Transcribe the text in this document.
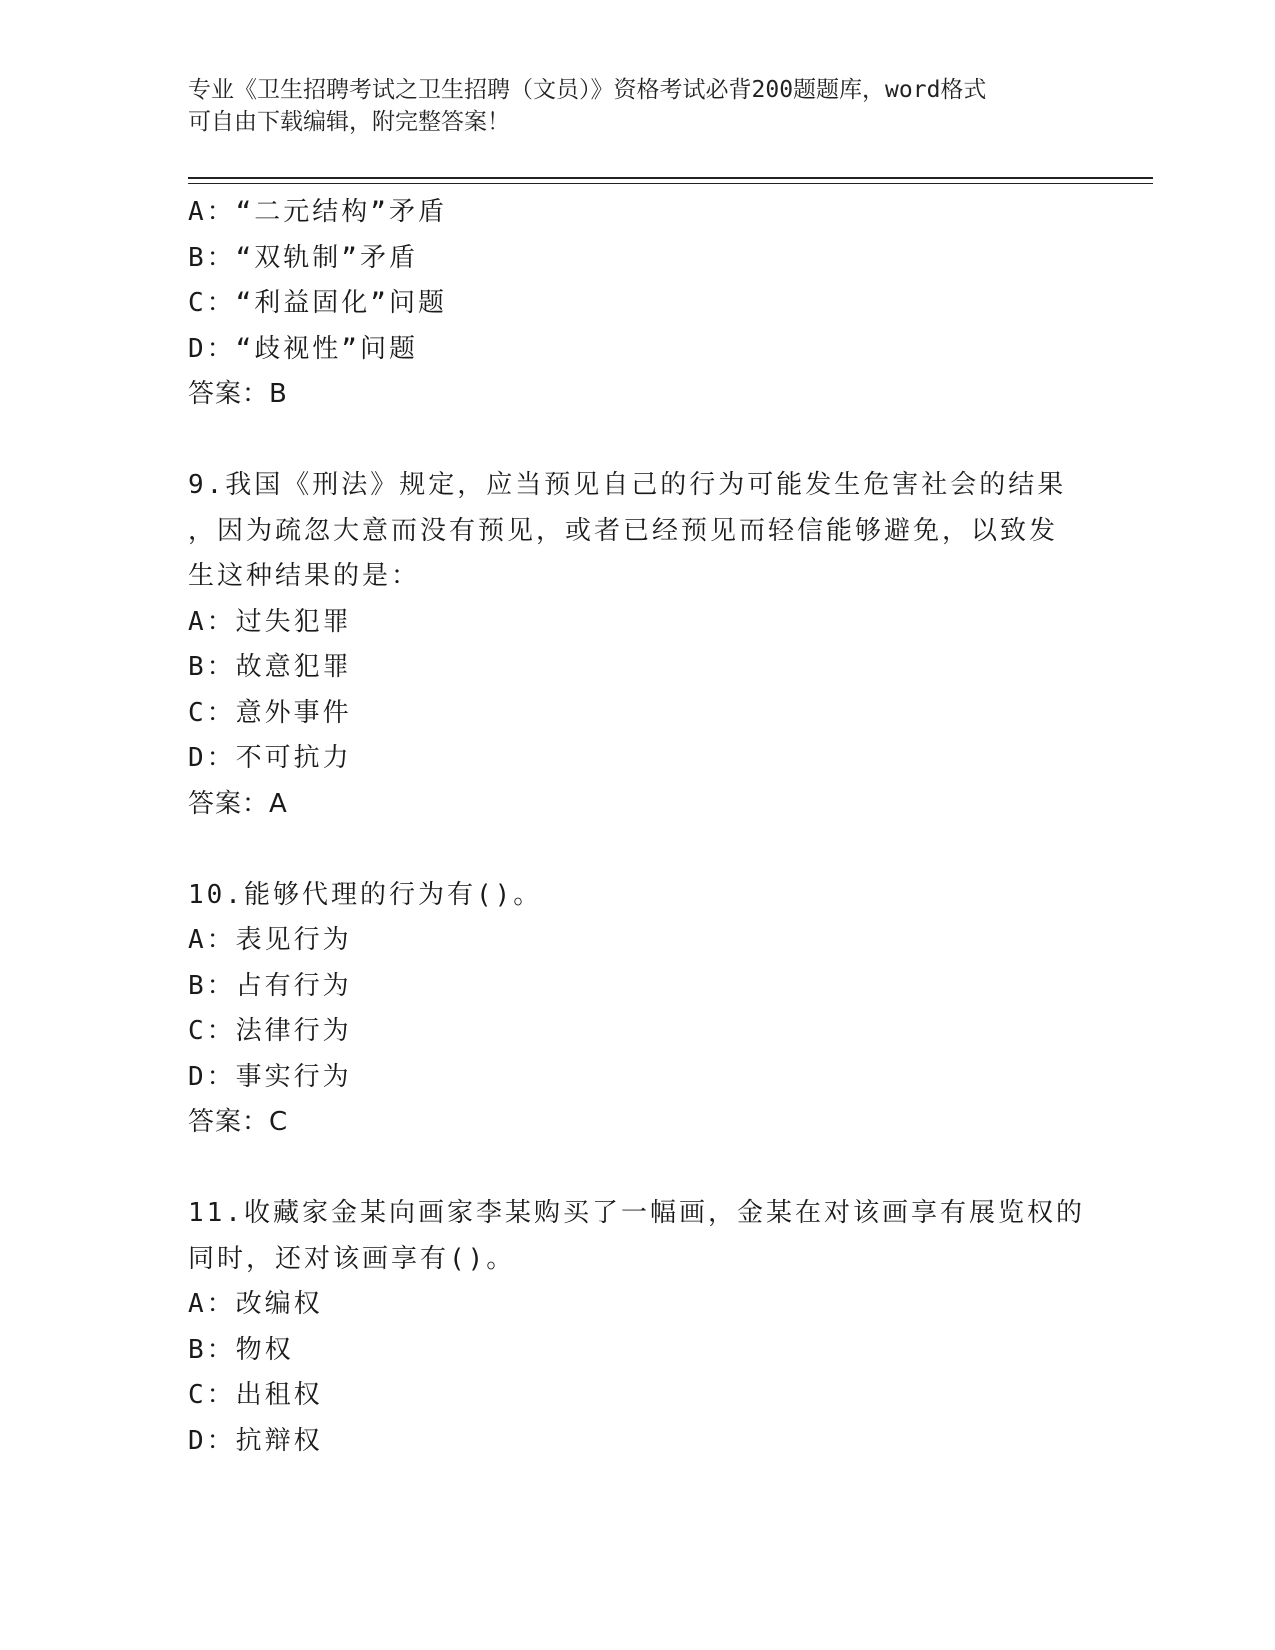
专业《卫生招聘考试之卫生招聘（文员）》资格考试必背200题题库，word格式
可自由下载编辑，附完整答案！
A：“二元结构”矛盾
B：“双轨制”矛盾
C：“利益固化”问题
D：“歧视性”问题
答案：B
9.我国《刑法》规定，应当预见自己的行为可能发生危害社会的结果
，因为疏忽大意而没有预见，或者已经预见而轻信能够避免，以致发
生这种结果的是：
A：过失犯罪
B：故意犯罪
C：意外事件
D：不可抗力
答案：A
10.能够代理的行为有()。
A：表见行为
B：占有行为
C：法律行为
D：事实行为
答案：C
11.收藏家金某向画家李某购买了一幅画，金某在对该画享有展览权的
同时，还对该画享有()。
A：改编权
B：物权
C：出租权
D：抗辩权
